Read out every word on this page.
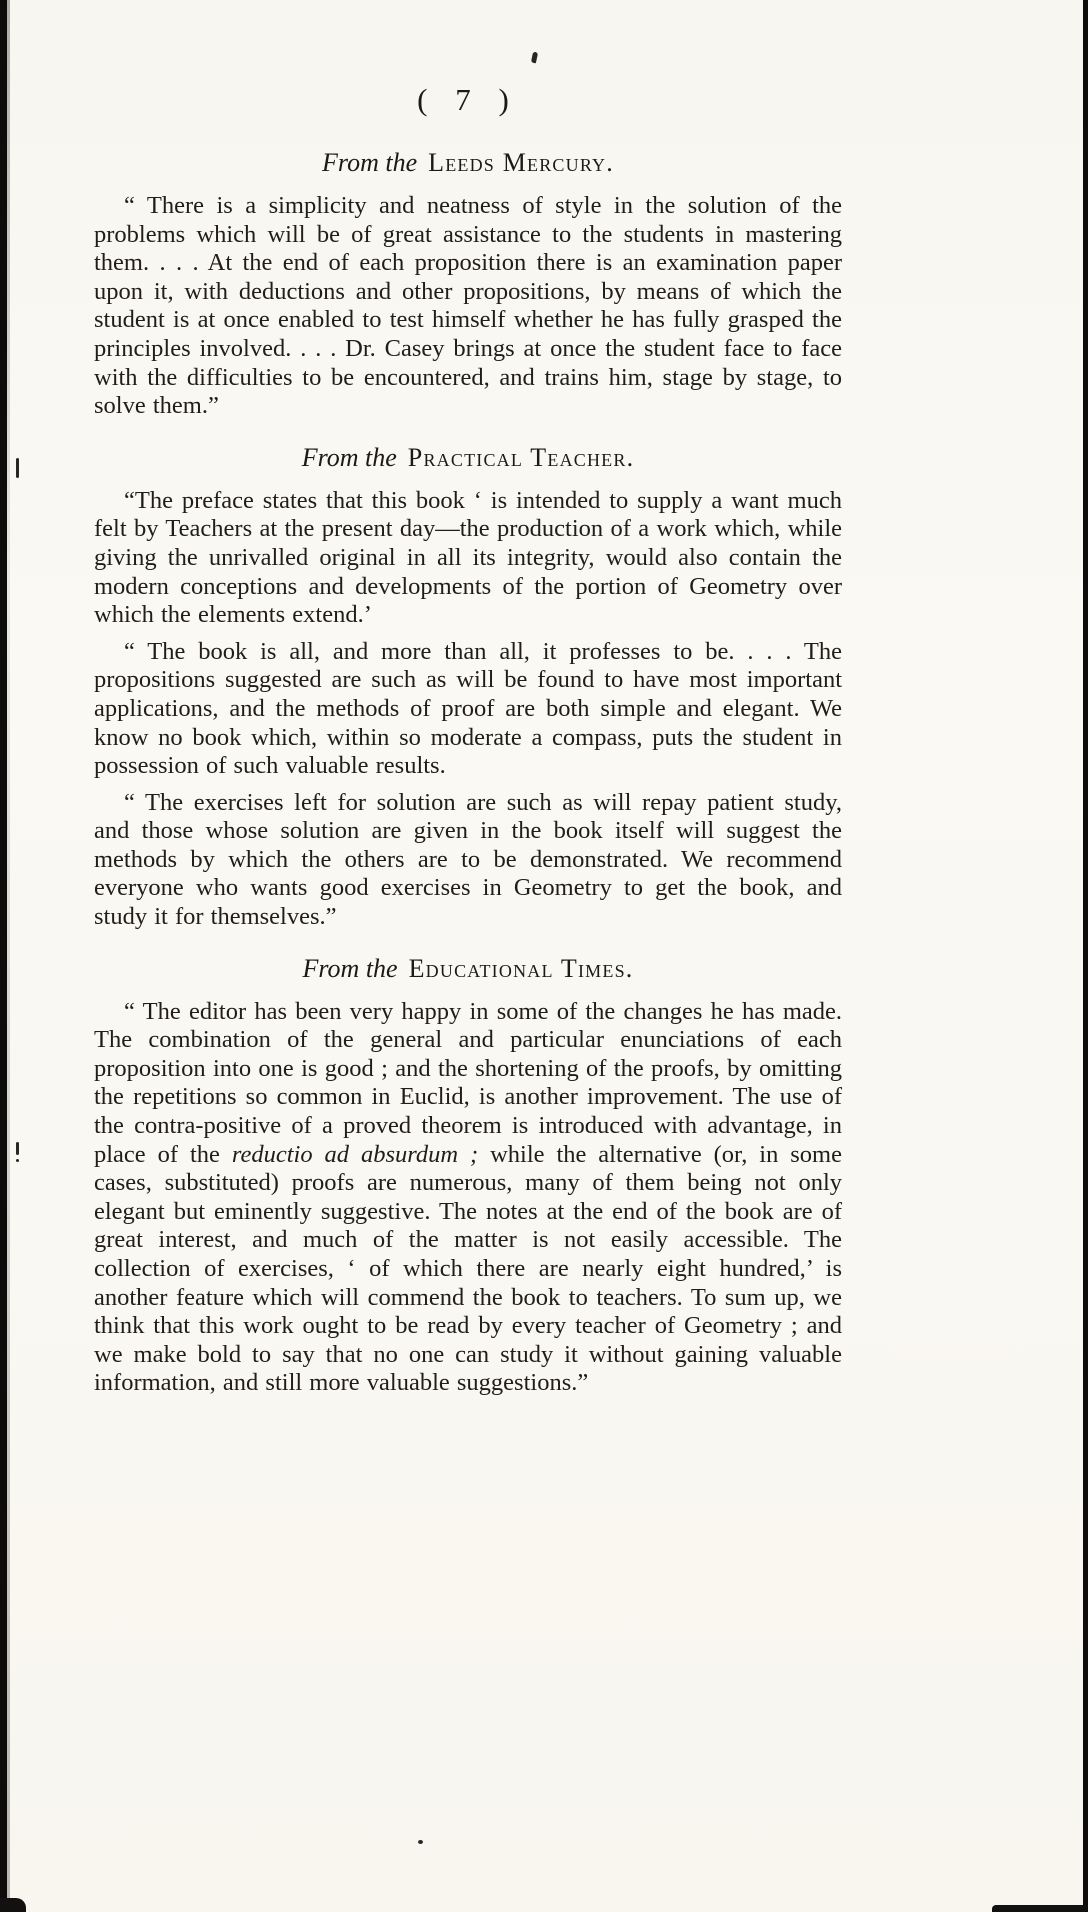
( 7 )
From the Leeds Mercury.

“ There is a simplicity and neatness of style in the solution of the problems which will be of great assistance to the students in mastering them. . . . At the end of each proposition there is an examination paper upon it, with deductions and other propositions, by means of which the student is at once enabled to test himself whether he has fully grasped the principles involved. . . . Dr. Casey brings at once the student face to face with the difficulties to be encountered, and trains him, stage by stage, to solve them.”

From the Practical Teacher.

“The preface states that this book ‘ is intended to supply a want much felt by Teachers at the present day—the production of a work which, while giving the unrivalled original in all its integrity, would also contain the modern conceptions and developments of the portion of Geometry over which the elements extend.’

“ The book is all, and more than all, it professes to be. . . . The propositions suggested are such as will be found to have most important applications, and the methods of proof are both simple and elegant. We know no book which, within so moderate a compass, puts the student in possession of such valuable results.

“ The exercises left for solution are such as will repay patient study, and those whose solution are given in the book itself will suggest the methods by which the others are to be demonstrated. We recommend everyone who wants good exercises in Geometry to get the book, and study it for themselves.”

From the Educational Times.

“ The editor has been very happy in some of the changes he has made. The combination of the general and particular enunciations of each proposition into one is good ; and the shortening of the proofs, by omitting the repetitions so common in Euclid, is another improvement. The use of the contra-positive of a proved theorem is introduced with advantage, in place of the reductio ad absurdum ; while the alternative (or, in some cases, substituted) proofs are numerous, many of them being not only elegant but eminently suggestive. The notes at the end of the book are of great interest, and much of the matter is not easily accessible. The collection of exercises, ‘ of which there are nearly eight hundred,’ is another feature which will commend the book to teachers. To sum up, we think that this work ought to be read by every teacher of Geometry ; and we make bold to say that no one can study it without gaining valuable information, and still more valuable suggestions.”
